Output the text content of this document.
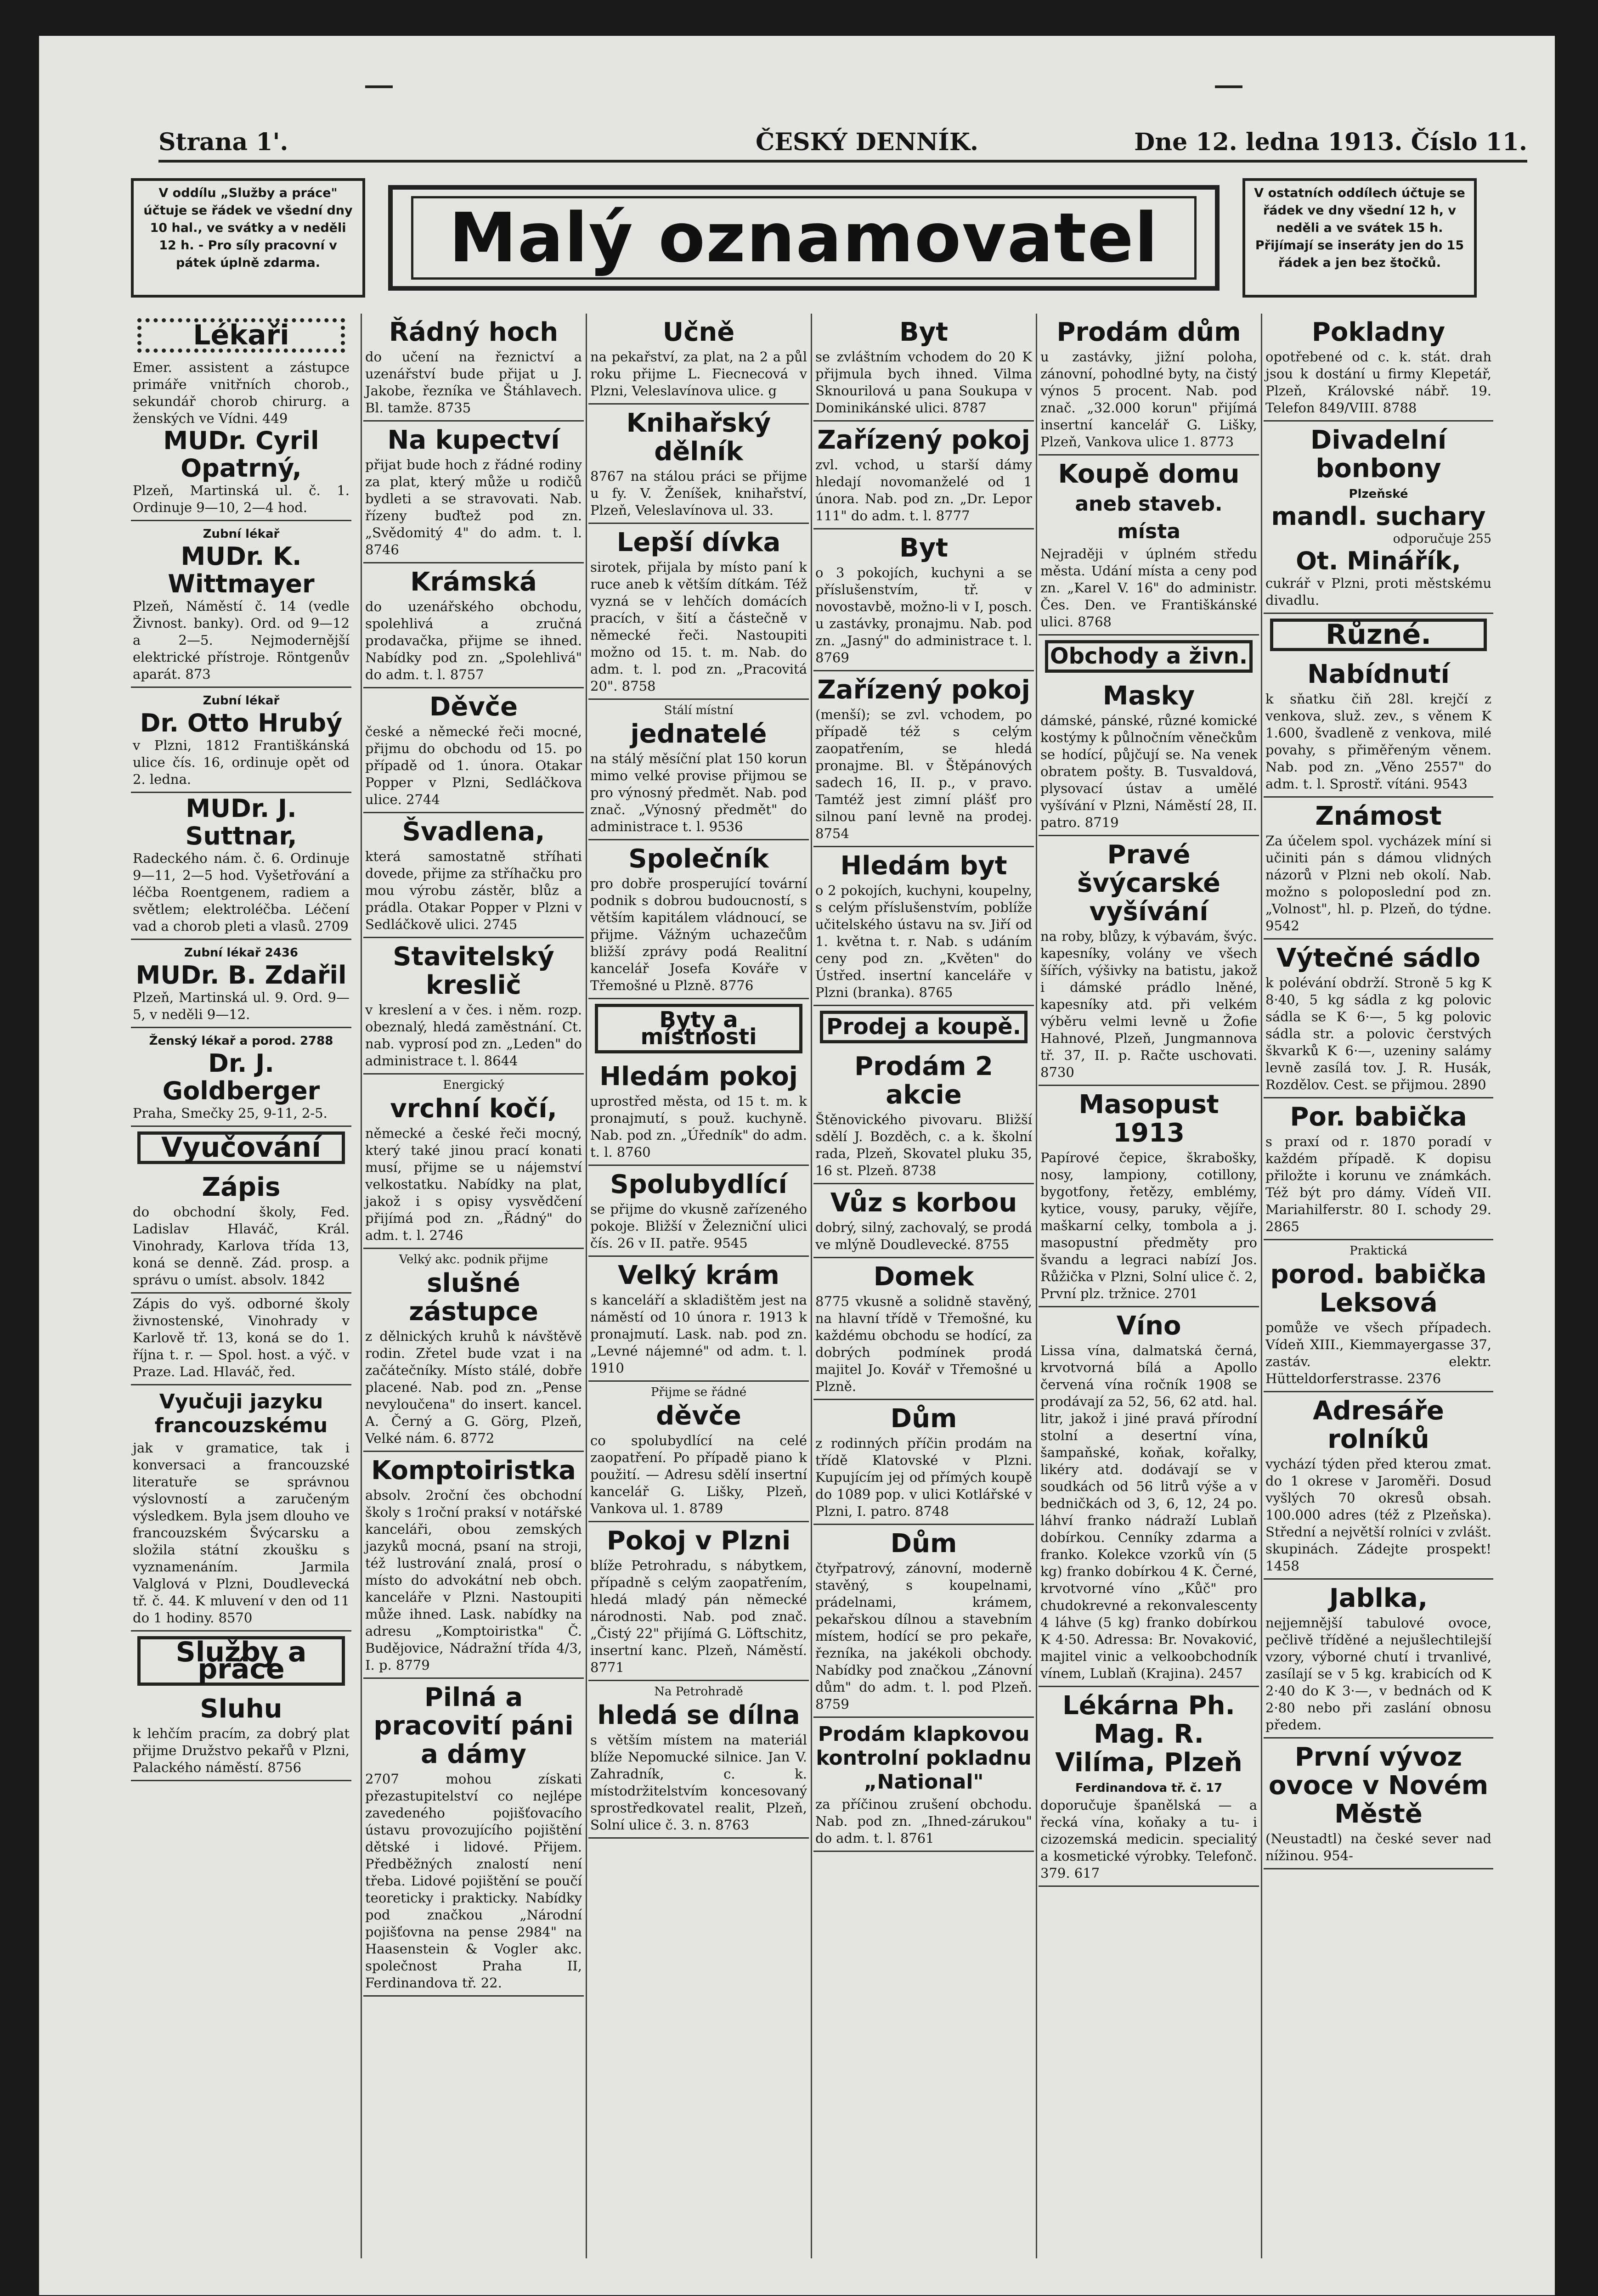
Strana 1'.	ČESKÝ DENNÍK.	Dne 12. ledna 1913. Číslo 11.
V oddílu „Služby a práce" účtuje se řádek ve všední dny 10 hal., ve svátky a v neděli 12 h. - Pro síly pracovní v pátek úplně zdarma.
V ostatních oddílech účtuje se řádek ve dny všední 12 h, v neděli a ve svátek 15 h. Přijímají se inseráty jen do 15 řádek a jen bez štočků.
Malý oznamovatel
Lékaři

Emer. assistent a zástupce primáře vnitřních chorob., sekundář chorob chirurg. a ženských ve Vídni. 449

MUDr. Cyril Opatrný,

Plzeň, Martinská ul. č. 1. Ordinuje 9—10, 2—4 hod.

Zubní lékař
MUDr. K. Wittmayer

Plzeň, Náměstí č. 14 (vedle Živnost. banky). Ord. od 9—12 a 2—5. Nejmodernější elektrické přístroje. Röntgenův aparát. 873

Zubní lékař
Dr. Otto Hrubý

v Plzni, 1812 Františkánská ulice čís. 16, ordinuje opět od 2. ledna.

MUDr. J. Suttnar,

Radeckého nám. č. 6. Ordinuje 9—11, 2—5 hod. Vyšetřování a léčba Roentgenem, radiem a světlem; elektroléčba. Léčení vad a chorob pleti a vlasů. 2709

Zubní lékař 2436
MUDr. B. Zdařil

Plzeň, Martinská ul. 9. Ord. 9—5, v neděli 9—12.

Ženský lékař a porod. 2788
Dr. J. Goldberger

Praha, Smečky 25, 9-11, 2-5.

Vyučování
Zápis

do obchodní školy, Fed. Ladislav Hlaváč, Král. Vinohrady, Karlova třída 13, koná se denně. Zád. prosp. a správu o umíst. absolv. 1842

Zápis do vyš. odborné školy živnostenské, Vinohrady v Karlově tř. 13, koná se do 1. října t. r. — Spol. host. a výč. v Praze. Lad. Hlaváč, řed.

Vyučuji jazyku francouzskému

jak v gramatice, tak i konversaci a francouzské literatuře se správnou výslovností a zaručeným výsledkem. Byla jsem dlouho ve francouzském Švýcarsku a složila státní zkoušku s vyznamenáním. Jarmila Valglová v Plzni, Doudlevecká tř. č. 44. K mluvení v den od 11 do 1 hodiny. 8570

Služby a práce
Sluhu

k lehčím pracím, za dobrý plat přijme Družstvo pekařů v Plzni, Palackého náměstí. 8756

Řádný hoch

do učení na řeznictví a uzenářství bude přijat u J. Jakobe, řezníka ve Štáhlavech. Bl. tamže. 8735

Na kupectví

přijat bude hoch z řádné rodiny za plat, který může u rodičů bydleti a se stravovati. Nab. řízeny buďtež pod zn. „Svědomitý 4" do adm. t. l. 8746

Krámská

do uzenářského obchodu, spolehlivá a zručná prodavačka, přijme se ihned. Nabídky pod zn. „Spolehlivá" do adm. t. l. 8757

Děvče

české a německé řeči mocné, přijmu do obchodu od 15. po případě od 1. února. Otakar Popper v Plzni, Sedláčkova ulice. 2744

Švadlena,

která samostatně stříhati dovede, přijme za stříhačku pro mou výrobu zástěr, blůz a prádla. Otakar Popper v Plzni v Sedláčkově ulici. 2745

Stavitelský kreslič

v kreslení a v čes. i něm. rozp. obeznalý, hledá zaměstnání. Ct. nab. vyprosí pod zn. „Leden" do administrace t. l. 8644

Energický
vrchní kočí,

německé a české řeči mocný, který také jinou prací konati musí, přijme se u nájemství velkostatku. Nabídky na plat, jakož i s opisy vysvědčení přijímá pod zn. „Řádný" do adm. t. l. 2746

Velký akc. podnik přijme
slušné zástupce

z dělnických kruhů k návštěvě rodin. Zřetel bude vzat i na začátečníky. Místo stálé, dobře placené. Nab. pod zn. „Pense nevyloučena" do insert. kancel. A. Černý a G. Görg, Plzeň, Velké nám. 6. 8772

Komptoiristka

absolv. 2roční čes obchodní školy s 1roční praksí v notářské kanceláři, obou zemských jazyků mocná, psaní na stroji, též lustrování znalá, prosí o místo do advokátní neb obch. kanceláře v Plzni. Nastoupiti může ihned. Lask. nabídky na adresu „Komptoiristka" Č. Budějovice, Nádražní třída 4/3, I. p. 8779

Pilná a pracovití páni a dámy

2707 mohou získati přezastupitelství co nejlépe zavedeného pojišťovacího ústavu provozujícího pojištění dětské i lidové. Přijem. Předběžných znalostí není třeba. Lidové pojištění se poučí teoreticky i prakticky. Nabídky pod značkou „Národní pojišťovna na pense 2984" na Haasenstein & Vogler akc. společnost Praha II, Ferdinandova tř. 22.

Učně

na pekařství, za plat, na 2 a půl roku přijme L. Fiecnecová v Plzni, Veleslavínova ulice. g

Knihařský dělník

8767 na stálou práci se přijme u fy. V. Ženíšek, knihařství, Plzeň, Veleslavínova ul. 33.

Lepší dívka

sirotek, přijala by místo paní k ruce aneb k větším dítkám. Též vyzná se v lehčích domácích pracích, v šití a částečně v německé řeči. Nastoupiti možno od 15. t. m. Nab. do adm. t. l. pod zn. „Pracovitá 20". 8758

Stálí místní
jednatelé

na stálý měsíční plat 150 korun mimo velké provise přijmou se pro výnosný předmět. Nab. pod znač. „Výnosný předmět" do administrace t. l. 9536

Společník

pro dobře prosperující tovární podnik s dobrou budoucností, s větším kapitálem vládnoucí, se přijme. Vážným uchazečům bližší zprávy podá Realitní kancelář Josefa Kováře v Třemošné u Plzně. 8776

Byty a místnosti
Hledám pokoj

uprostřed města, od 15 t. m. k pronajmutí, s použ. kuchyně. Nab. pod zn. „Úředník" do adm. t. l. 8760

Spolubydlící

se přijme do vkusně zařízeného pokoje. Bližší v Železniční ulici čís. 26 v II. patře. 9545

Velký krám

s kanceláří a skladištěm jest na náměstí od 10 února r. 1913 k pronajmutí. Lask. nab. pod zn. „Levné nájemné" od adm. t. l. 1910

Přijme se řádné
děvče

co spolubydlící na celé zaopatření. Po případě piano k použití. — Adresu sdělí insertní kancelář G. Lišky, Plzeň, Vankova ul. 1. 8789

Pokoj v Plzni

blíže Petrohradu, s nábytkem, případně s celým zaopatřením, hledá mladý pán německé národnosti. Nab. pod znač. „Čistý 22" přijímá G. Löftschitz, insertní kanc. Plzeň, Náměstí. 8771

Na Petrohradě
hledá se dílna

s větším místem na materiál blíže Nepomucké silnice. Jan V. Zahradník, c. k. místodržitelstvím koncesovaný sprostředkovatel realit, Plzeň, Solní ulice č. 3. n. 8763

Byt

se zvláštním vchodem do 20 K přijmula bych ihned. Vilma Sknourilová u pana Soukupa v Dominikánské ulici. 8787

Zařízený pokoj

zvl. vchod, u starší dámy hledají novomanželé od 1 února. Nab. pod zn. „Dr. Lepor 111" do adm. t. l. 8777

Byt

o 3 pokojích, kuchyni a se příslušenstvím, tř. v novostavbě, možno-li v I, posch. u zastávky, pronajmu. Nab. pod zn. „Jasný" do administrace t. l. 8769

Zařízený pokoj

(menší); se zvl. vchodem, po případě též s celým zaopatřením, se hledá pronajme. Bl. v Štěpánových sadech 16, II. p., v pravo. Tamtéž jest zimní plášť pro silnou paní levně na prodej. 8754

Hledám byt

o 2 pokojích, kuchyni, koupelny, s celým příslušenstvím, poblíže učitelského ústavu na sv. Jiří od 1. května t. r. Nab. s udáním ceny pod zn. „Květen" do Ústřed. insertní kanceláře v Plzni (branka). 8765

Prodej a koupě.
Prodám 2 akcie

Štěnovického pivovaru. Bližší sdělí J. Bozděch, c. a k. školní rada, Plzeň, Skovatel pluku 35, 16 st. Plzeň. 8738

Vůz s korbou

dobrý, silný, zachovalý, se prodá ve mlýně Doudlevecké. 8755

Domek

8775 vkusně a solidně stavěný, na hlavní třídě v Třemošné, ku každému obchodu se hodící, za dobrých podmínek prodá majitel Jo. Kovář v Třemošné u Plzně.

Dům

z rodinných příčin prodám na třídě Klatovské v Plzni. Kupujícím jej od přímých koupě do 1089 pop. v ulici Kotlářské v Plzni, I. patro. 8748

Dům

čtyřpatrový, zánovní, moderně stavěný, s koupelnami, prádelnami, krámem, pekařskou dílnou a stavebním místem, hodící se pro pekaře, řezníka, na jakékoli obchody. Nabídky pod značkou „Zánovní dům" do adm. t. l. pod Plzeň. 8759

Prodám klapkovou kontrolní pokladnu „National"

za příčinou zrušení obchodu. Nab. pod zn. „Ihned-zárukou" do adm. t. l. 8761

Prodám dům

u zastávky, jižní poloha, zánovní, pohodlné byty, na čistý výnos 5 procent. Nab. pod znač. „32.000 korun" přijímá insertní kancelář G. Lišky, Plzeň, Vankova ulice 1. 8773

Koupě domu
aneb staveb. místa

Nejraději v úplném středu města. Udání místa a ceny pod zn. „Karel V. 16" do administr. Čes. Den. ve Františkánské ulici. 8768

Obchody a živn.
Masky

dámské, pánské, různé komické kostýmy k půlnočním věnečkům se hodící, půjčují se. Na venek obratem pošty. B. Tusvaldová, plysovací ústav a umělé vyšívání v Plzni, Náměstí 28, II. patro. 8719

Pravé švýcarské vyšívání

na roby, blůzy, k výbavám, švýc. kapesníky, volány ve všech šířích, výšivky na batistu, jakož i dámské prádlo lněné, kapesníky atd. při velkém výběru velmi levně u Žofie Hahnové, Plzeň, Jungmannova tř. 37, II. p. Račte uschovati. 8730

Masopust 1913

Papírové čepice, škrabošky, nosy, lampiony, cotillony, bygotfony, řetězy, emblémy, kytice, vousy, paruky, vějíře, maškarní celky, tombola a j. masopustní předměty pro švandu a legraci nabízí Jos. Růžička v Plzni, Solní ulice č. 2, První plz. tržnice. 2701

Víno

Lissa vína, dalmatská černá, krvotvorná bílá a Apollo červená vína ročník 1908 se prodávají za 52, 56, 62 atd. hal. litr, jakož i jiné pravá přírodní stolní a desertní vína, šampaňské, koňak, kořalky, likéry atd. dodávají se v soudkách od 56 litrů výše a v bedničkách od 3, 6, 12, 24 po. láhví franko nádraží Lublaň dobírkou. Cenníky zdarma a franko. Kolekce vzorků vín (5 kg) franko dobírkou 4 K. Černé, krvotvorné víno „Kůč" pro chudokrevné a rekonvalescenty 4 láhve (5 kg) franko dobírkou K 4·50. Adressa: Br. Novaković, majitel vinic a velkoobchodník vínem, Lublaň (Krajina). 2457

Lékárna Ph. Mag. R. Vilíma, Plzeň
Ferdinandova tř. č. 17

doporučuje španělská — a řecká vína, koňaky a tu- i cizozemská medicin. specialitý a kosmetické výrobky. Telefonč. 379. 617

Pokladny

opotřebené od c. k. stát. drah jsou k dostání u firmy Klepetář, Plzeň, Královské nábř. 19. Telefon 849/VIII. 8788

Divadelní bonbony
Plzeňské
mandl. suchary

odporučuje 255

Ot. Minářík,

cukrář v Plzni, proti městskému divadlu.

Různé.
Nabídnutí

k sňatku čiň 28l. krejčí z venkova, služ. zev., s věnem K 1.600, švadleně z venkova, milé povahy, s přiměřeným věnem. Nab. pod zn. „Věno 2557" do adm. t. l. Sprostř. vítáni. 9543

Známost

Za účelem spol. vycházek míní si učiniti pán s dámou vlidných názorů v Plzni neb okolí. Nab. možno s poloposlední pod zn. „Volnost", hl. p. Plzeň, do týdne. 9542

Výtečné sádlo

k polévání obdrží. Stroně 5 kg K 8·40, 5 kg sádla z kg polovic sádla se K 6·—, 5 kg polovic sádla str. a polovic čerstvých škvarků K 6·—, uzeniny salámy levně zasílá tov. J. R. Husák, Rozdělov. Cest. se přijmou. 2890

Por. babička

s praxí od r. 1870 poradí v každém případě. K dopisu přiložte i korunu ve známkách. Též být pro dámy. Vídeň VII. Mariahilferstr. 80 I. schody 29. 2865

Praktická
porod. babička Leksová

pomůže ve všech případech. Vídeň XIII., Kiemmayergasse 37, zastáv. elektr. Hütteldorferstrasse. 2376

Adresáře rolníků

vychází týden před kterou zmat. do 1 okrese v Jaroměři. Dosud vyšlých 70 okresů obsah. 100.000 adres (též z Plzeňska). Střední a největší rolníci v zvlášt. skupinách. Zádejte prospekt! 1458

Jablka,

nejjemnější tabulové ovoce, pečlivě tříděné a nejušlechtilejší vzory, výborné chutí i trvanlivé, zasílají se v 5 kg. krabicích od K 2·40 do K 3·—, v bednách od K 2·80 nebo při zaslání obnosu předem.

První vývoz ovoce v Novém Městě

(Neustadtl) na české sever nad nížinou. 954-
